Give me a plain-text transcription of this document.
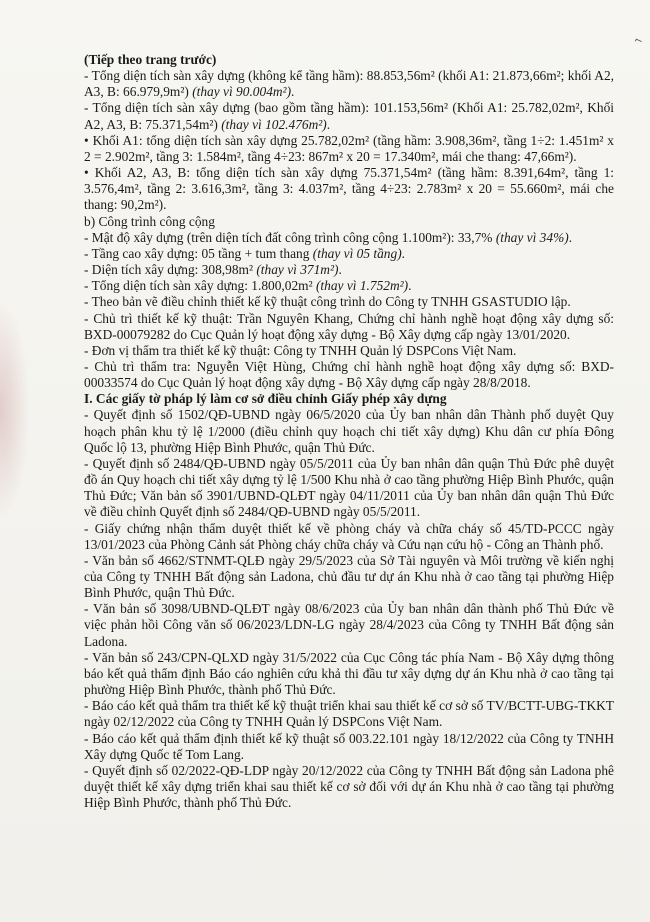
⌐

(Tiếp theo trang trước)

- Tổng diện tích sàn xây dựng (không kể tầng hầm): 88.853,56m² (khối A1: 21.873,66m²; khối A2, A3, B: 66.979,9m²) (thay vì 90.004m²).

- Tổng diện tích sàn xây dựng (bao gồm tầng hầm): 101.153,56m² (Khối A1: 25.782,02m², Khối A2, A3, B: 75.371,54m²) (thay vì 102.476m²).

• Khối A1: tổng diện tích sàn xây dựng 25.782,02m² (tầng hầm: 3.908,36m², tầng 1÷2: 1.451m² x 2 = 2.902m², tầng 3: 1.584m², tầng 4÷23: 867m² x 20 = 17.340m², mái che thang: 47,66m²).

• Khối A2, A3, B: tổng diện tích sàn xây dựng 75.371,54m² (tầng hầm: 8.391,64m², tầng 1: 3.576,4m², tầng 2: 3.616,3m², tầng 3: 4.037m², tầng 4÷23: 2.783m² x 20 = 55.660m², mái che thang: 90,2m²).

b) Công trình công cộng

- Mật độ xây dựng (trên diện tích đất công trình công cộng 1.100m²): 33,7% (thay vì 34%).

- Tầng cao xây dựng: 05 tầng + tum thang (thay vì 05 tầng).

- Diện tích xây dựng: 308,98m² (thay vì 371m²).

- Tổng diện tích sàn xây dựng: 1.800,02m² (thay vì 1.752m²).

- Theo bản vẽ điều chỉnh thiết kế kỹ thuật công trình do Công ty TNHH GSASTUDIO lập.

- Chủ trì thiết kế kỹ thuật: Trần Nguyên Khang, Chứng chỉ hành nghề hoạt động xây dựng số: BXD-00079282 do Cục Quản lý hoạt động xây dựng - Bộ Xây dựng cấp ngày 13/01/2020.

- Đơn vị thẩm tra thiết kế kỹ thuật: Công ty TNHH Quản lý DSPCons Việt Nam.

- Chủ trì thẩm tra: Nguyễn Việt Hùng, Chứng chỉ hành nghề hoạt động xây dựng số: BXD-00033574 do Cục Quản lý hoạt động xây dựng - Bộ Xây dựng cấp ngày 28/8/2018.

I. Các giấy tờ pháp lý làm cơ sở điều chỉnh Giấy phép xây dựng

- Quyết định số 1502/QĐ-UBND ngày 06/5/2020 của Ủy ban nhân dân Thành phố duyệt Quy hoạch phân khu tỷ lệ 1/2000 (điều chỉnh quy hoạch chi tiết xây dựng) Khu dân cư phía Đông Quốc lộ 13, phường Hiệp Bình Phước, quận Thủ Đức.

- Quyết định số 2484/QĐ-UBND ngày 05/5/2011 của Ủy ban nhân dân quận Thủ Đức phê duyệt đồ án Quy hoạch chi tiết xây dựng tỷ lệ 1/500 Khu nhà ở cao tầng phường Hiệp Bình Phước, quận Thủ Đức; Văn bản số 3901/UBND-QLĐT ngày 04/11/2011 của Ủy ban nhân dân quận Thủ Đức về điều chỉnh Quyết định số 2484/QĐ-UBND ngày 05/5/2011.

- Giấy chứng nhận thẩm duyệt thiết kế về phòng cháy và chữa cháy số 45/TD-PCCC ngày 13/01/2023 của Phòng Cảnh sát Phòng cháy chữa cháy và Cứu nạn cứu hộ - Công an Thành phố.

- Văn bản số 4662/STNMT-QLĐ ngày 29/5/2023 của Sở Tài nguyên và Môi trường về kiến nghị của Công ty TNHH Bất động sản Ladona, chủ đầu tư dự án Khu nhà ở cao tầng tại phường Hiệp Bình Phước, quận Thủ Đức.

- Văn bản số 3098/UBND-QLĐT ngày 08/6/2023 của Ủy ban nhân dân thành phố Thủ Đức về việc phản hồi Công văn số 06/2023/LDN-LG ngày 28/4/2023 của Công ty TNHH Bất động sản Ladona.

- Văn bản số 243/CPN-QLXD ngày 31/5/2022 của Cục Công tác phía Nam - Bộ Xây dựng thông báo kết quả thẩm định Báo cáo nghiên cứu khả thi đầu tư xây dựng dự án Khu nhà ở cao tầng tại phường Hiệp Bình Phước, thành phố Thủ Đức.

- Báo cáo kết quả thẩm tra thiết kế kỹ thuật triển khai sau thiết kế cơ sở số TV/BCTT-UBG-TKKT ngày 02/12/2022 của Công ty TNHH Quản lý DSPCons Việt Nam.

- Báo cáo kết quả thẩm định thiết kế kỹ thuật số 003.22.101 ngày 18/12/2022 của Công ty TNHH Xây dựng Quốc tế Tom Lang.

- Quyết định số 02/2022-QĐ-LDP ngày 20/12/2022 của Công ty TNHH Bất động sản Ladona phê duyệt thiết kế xây dựng triển khai sau thiết kế cơ sở đối với dự án Khu nhà ở cao tầng tại phường Hiệp Bình Phước, thành phố Thủ Đức.
